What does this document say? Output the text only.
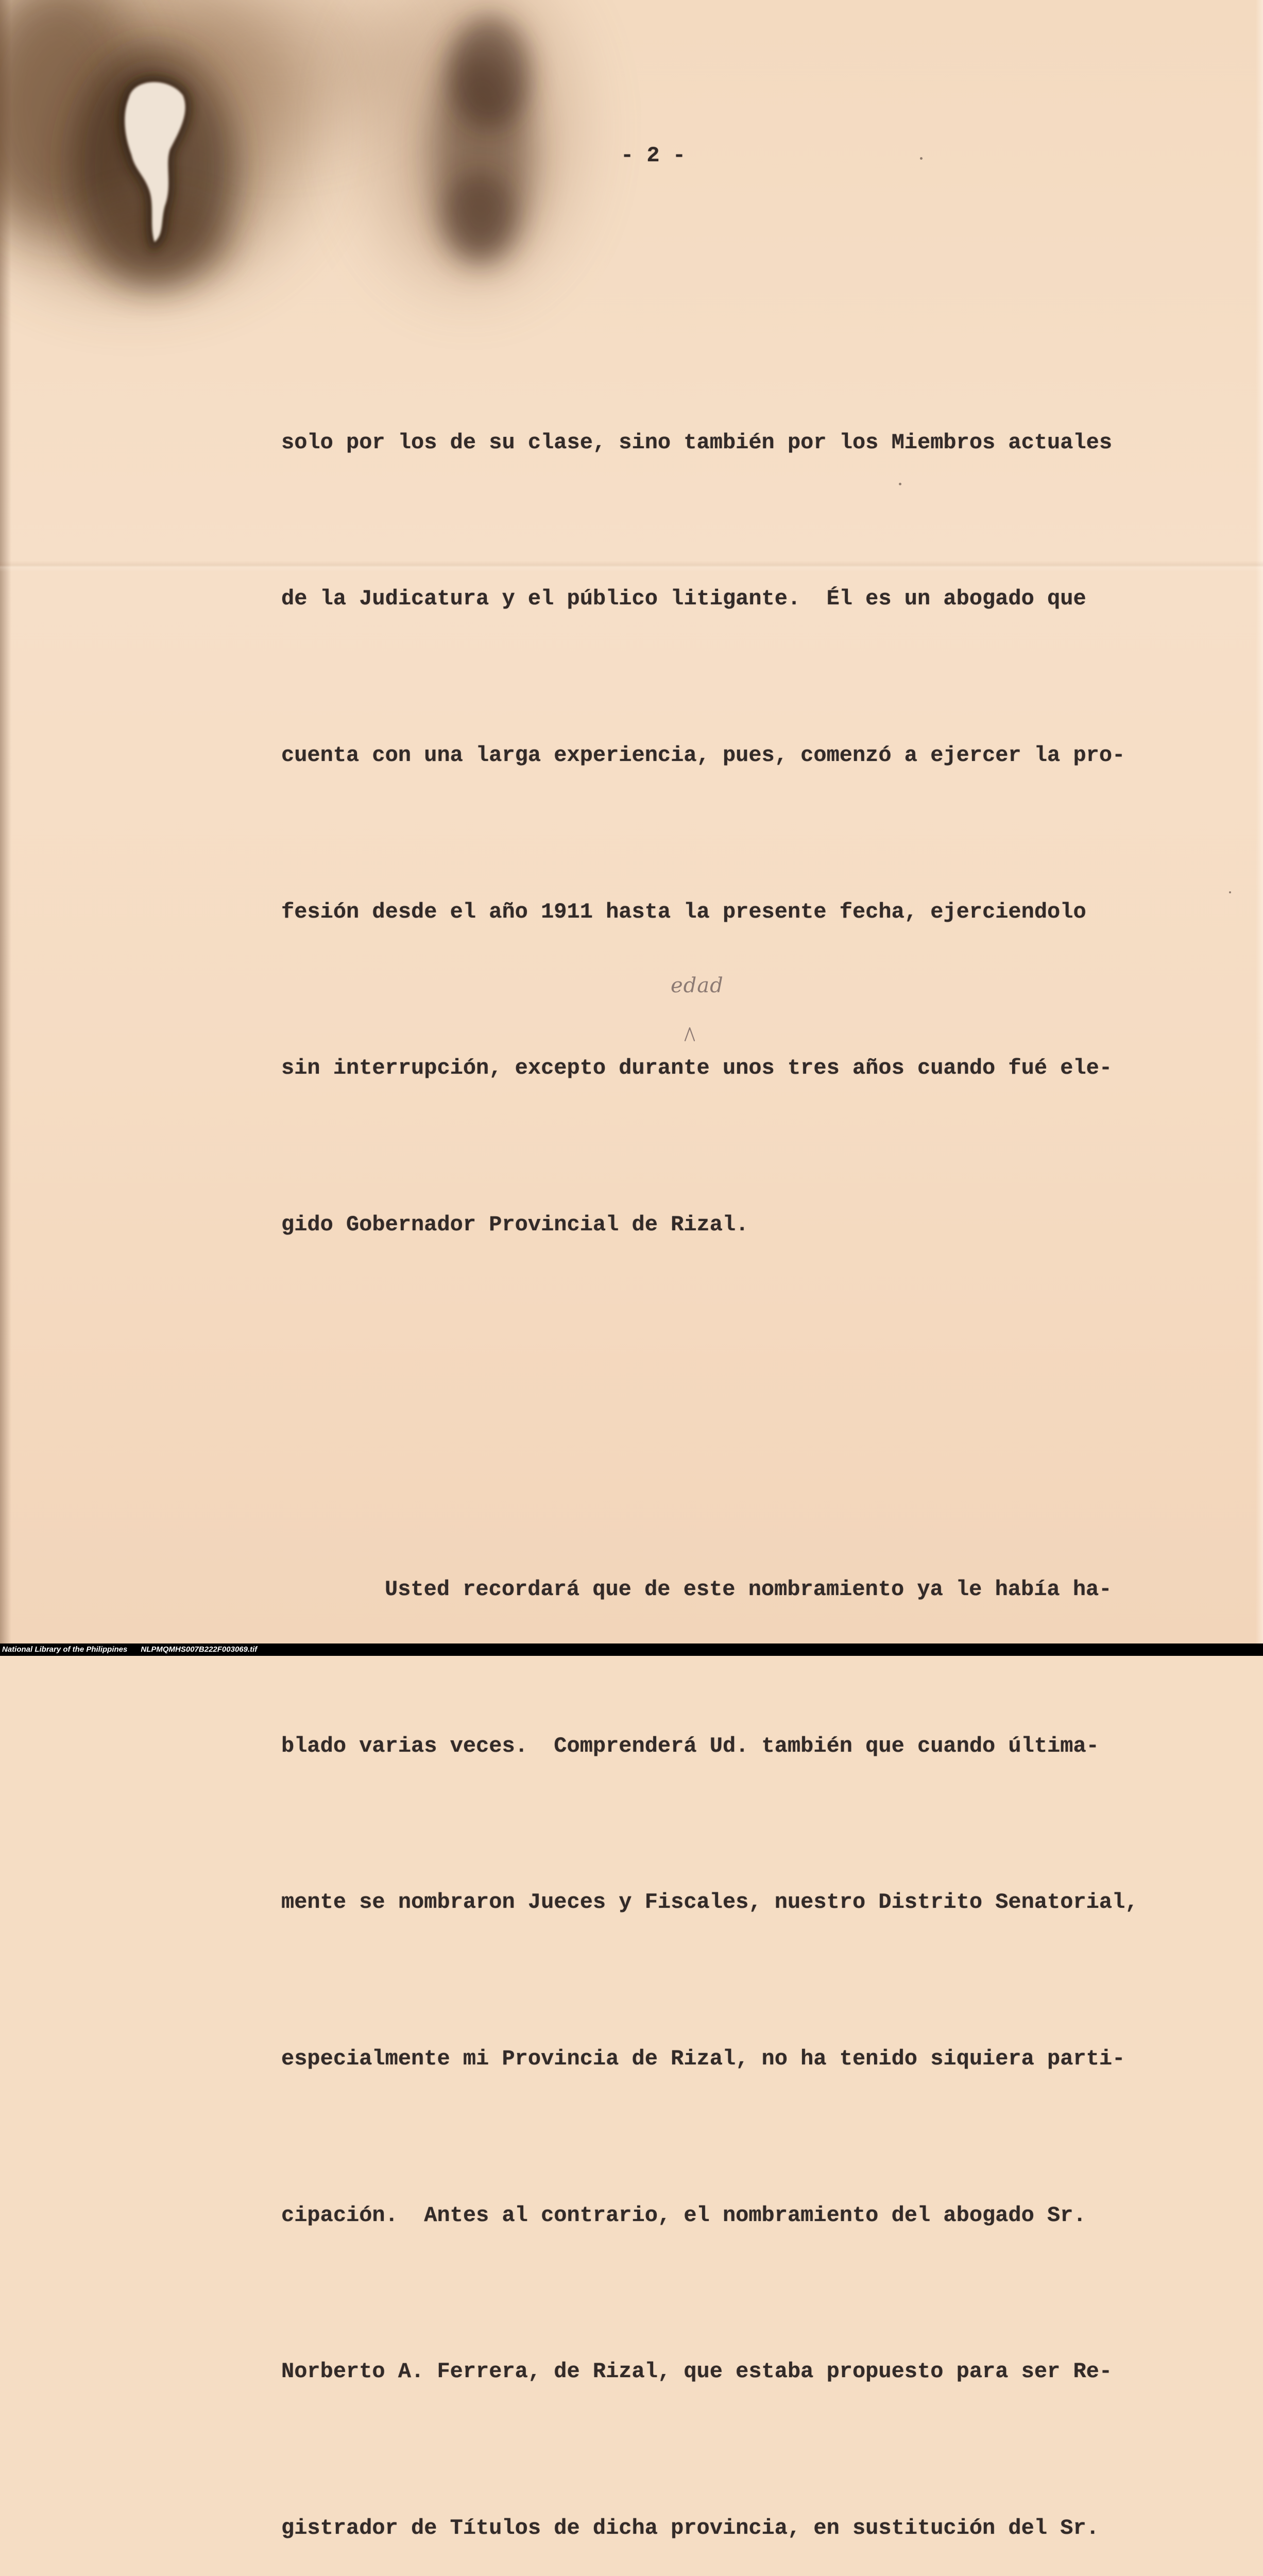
- 2 -

solo por los de su clase, sino también por los Miembros actuales

de la Judicatura y el público litigante.  Él es un abogado que

cuenta con una larga experiencia, pues, comenzó a ejercer la pro-

fesión desde el año 1911 hasta la presente fecha, ejerciendolo

sin interrupción, excepto durante unos tres años cuando fué ele-

gido Gobernador Provincial de Rizal.

Usted recordará que de este nombramiento ya le había ha-

blado varias veces.  Comprenderá Ud. también que cuando última-

mente se nombraron Jueces y Fiscales, nuestro Distrito Senatorial,

especialmente mi Provincia de Rizal, no ha tenido siquiera parti-

cipación.  Antes al contrario, el nombramiento del abogado Sr.

Norberto A. Ferrera, de Rizal, que estaba propuesto para ser Re-

gistrador de Títulos de dicha provincia, en sustitución del Sr.

edad
National Library of the Philippines NLPMQMHS007B222F003069.tif
